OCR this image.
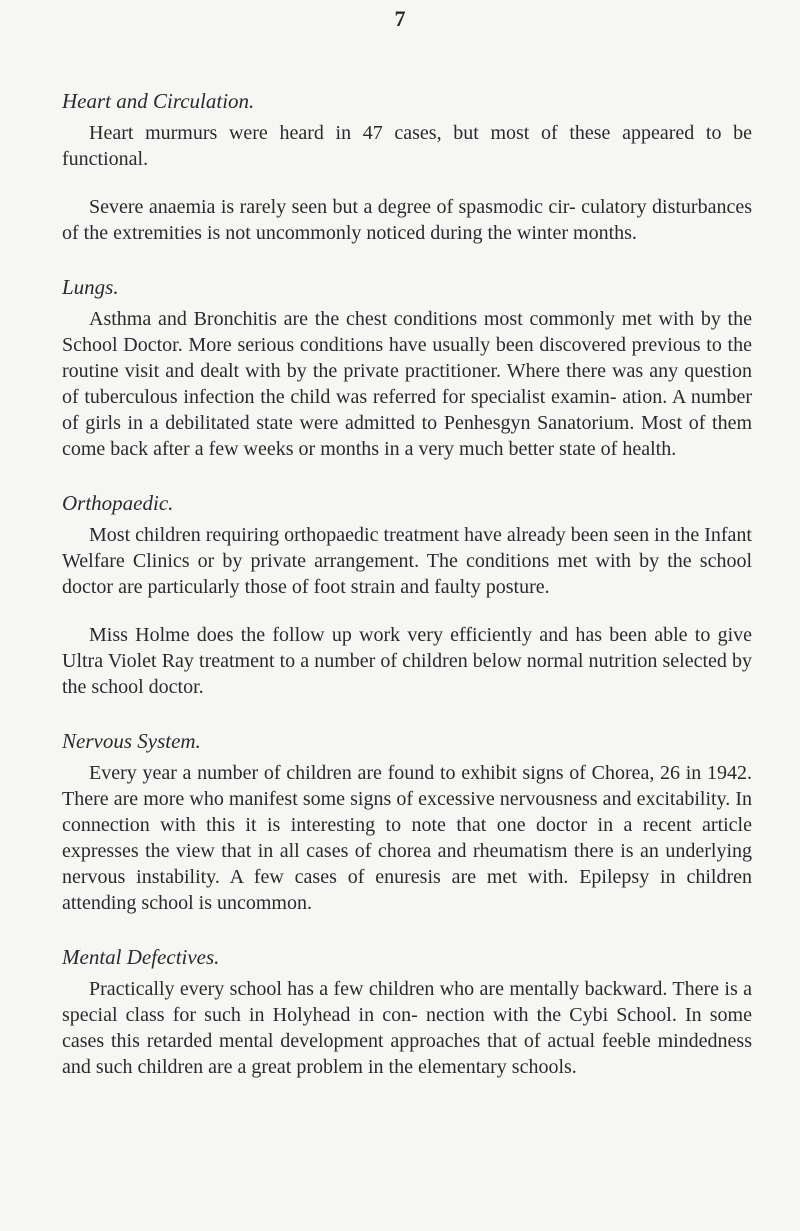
7
Heart and Circulation.

Heart murmurs were heard in 47 cases, but most of these appeared to be functional.

Severe anaemia is rarely seen but a degree of spasmodic cir- culatory disturbances of the extremities is not uncommonly noticed during the winter months.

Lungs.

Asthma and Bronchitis are the chest conditions most commonly met with by the School Doctor. More serious conditions have usually been discovered previous to the routine visit and dealt with by the private practitioner. Where there was any question of tuberculous infection the child was referred for specialist examin- ation. A number of girls in a debilitated state were admitted to Penhesgyn Sanatorium. Most of them come back after a few weeks or months in a very much better state of health.

Orthopaedic.

Most children requiring orthopaedic treatment have already been seen in the Infant Welfare Clinics or by private arrangement. The conditions met with by the school doctor are particularly those of foot strain and faulty posture.

Miss Holme does the follow up work very efficiently and has been able to give Ultra Violet Ray treatment to a number of children below normal nutrition selected by the school doctor.

Nervous System.

Every year a number of children are found to exhibit signs of Chorea, 26 in 1942. There are more who manifest some signs of excessive nervousness and excitability. In connection with this it is interesting to note that one doctor in a recent article expresses the view that in all cases of chorea and rheumatism there is an underlying nervous instability. A few cases of enuresis are met with. Epilepsy in children attending school is uncommon.

Mental Defectives.

Practically every school has a few children who are mentally backward. There is a special class for such in Holyhead in con- nection with the Cybi School. In some cases this retarded mental development approaches that of actual feeble mindedness and such children are a great problem in the elementary schools.
